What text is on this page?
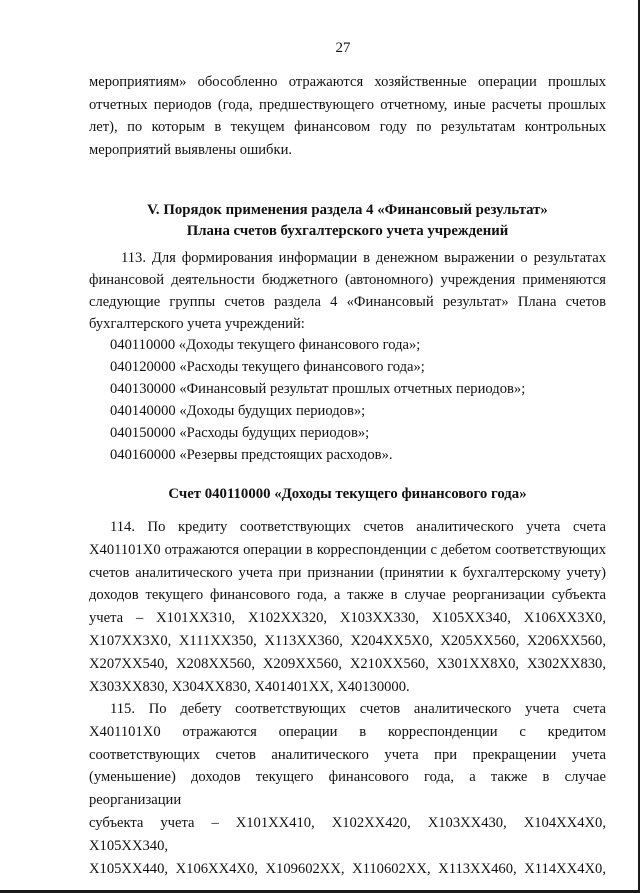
27
мероприятиям» обособленно отражаются хозяйственные операции прошлых
отчетных периодов (года, предшествующего отчетному, иные расчеты прошлых
лет), по которым в текущем финансовом году по результатам контрольных
мероприятий выявлены ошибки.
V. Порядок применения раздела 4 «Финансовый результат»
Плана счетов бухгалтерского учета учреждений
113. Для формирования информации в денежном выражении о результатах
финансовой деятельности бюджетного (автономного) учреждения применяются
следующие группы счетов раздела 4 «Финансовый результат» Плана счетов
бухгалтерского учета учреждений:
040110000 «Доходы текущего финансового года»;
040120000 «Расходы текущего финансового года»;
040130000 «Финансовый результат прошлых отчетных периодов»;
040140000 «Доходы будущих периодов»;
040150000 «Расходы будущих периодов»;
040160000 «Резервы предстоящих расходов».
Счет 040110000 «Доходы текущего финансового года»
114. По кредиту соответствующих счетов аналитического учета счета
X401101X0 отражаются операции в корреспонденции с дебетом соответствующих
счетов аналитического учета при признании (принятии к бухгалтерскому учету)
доходов текущего финансового года, а также в случае реорганизации субъекта
учета – X101XX310, X102XX320, X103XX330, X105XX340, X106XX3X0,
X107XX3X0, X111XX350, X113XX360, X204XX5X0, X205XX560, X206XX560,
X207XX540, X208XX560, X209XX560, X210XX560, X301XX8X0, X302XX830,
X303XX830, X304XX830, X401401XX, X40130000.
115. По дебету соответствующих счетов аналитического учета счета
X401101X0 отражаются операции в корреспонденции с кредитом
соответствующих счетов аналитического учета при прекращении учета
(уменьшение) доходов текущего финансового года, а также в случае реорганизации
субъекта учета – X101XX410, X102XX420, X103XX430, X104XX4X0, X105XX340,
X105XX440, X106XX4X0, X109602XX, X110602XX, X113XX460, X114XX4X0,
